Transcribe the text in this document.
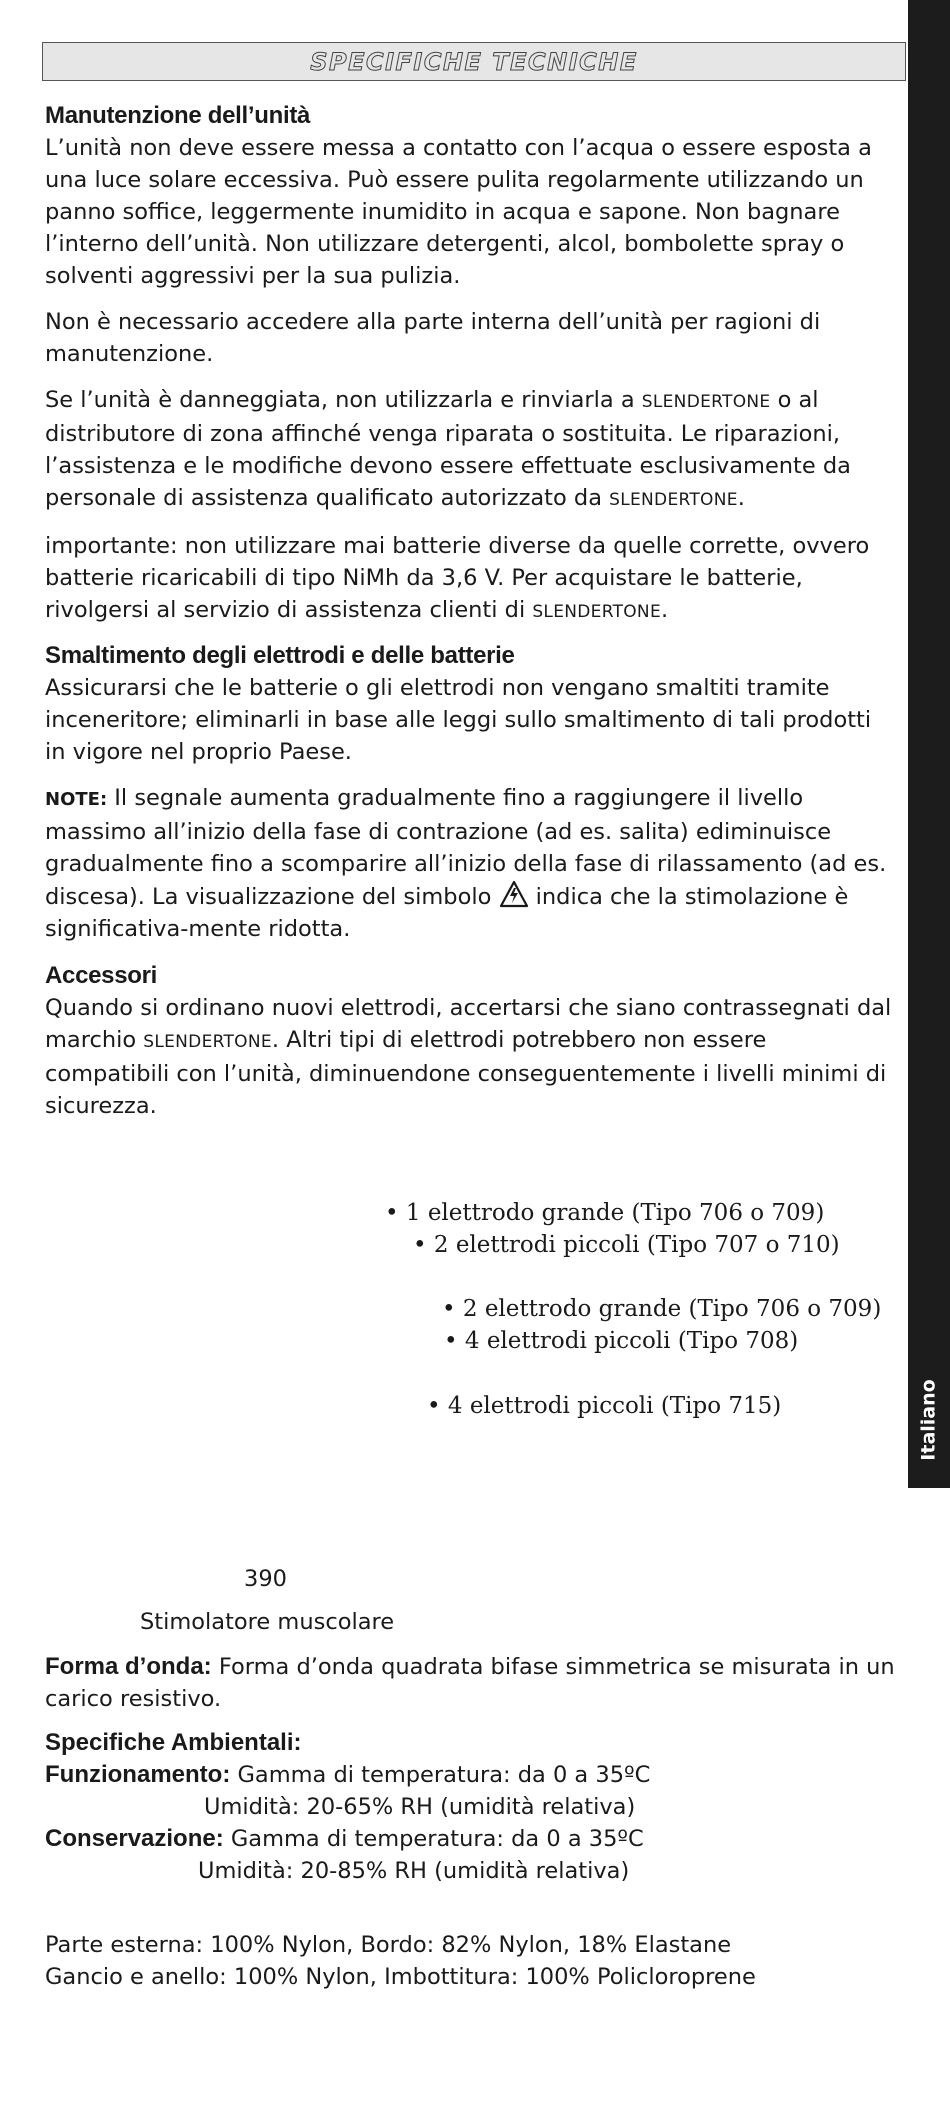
Italiano
SPECIFICHE TECNICHE

Manutenzione dell’unità

L’unità non deve essere messa a contatto con l’acqua o essere esposta a una luce solare eccessiva. Può essere pulita regolarmente utilizzando un panno soffice, leggermente inumidito in acqua e sapone. Non bagnare l’interno dell’unità. Non utilizzare detergenti, alcol, bombolette spray o solventi aggressivi per la sua pulizia.

Non è necessario accedere alla parte interna dell’unità per ragioni di manutenzione.

Se l’unità è danneggiata, non utilizzarla e rinviarla a SLENDERTONE o al distributore di zona affinché venga riparata o sostituita. Le riparazioni, l’assistenza e le modifiche devono essere effettuate esclusivamente da personale di assistenza qualificato autorizzato da SLENDERTONE.

importante: non utilizzare mai batterie diverse da quelle corrette, ovvero batterie ricaricabili di tipo NiMh da 3,6 V. Per acquistare le batterie, rivolgersi al servizio di assistenza clienti di SLENDERTONE.

Smaltimento degli elettrodi e delle batterie

Assicurarsi che le batterie o gli elettrodi non vengano smaltiti tramite inceneritore; eliminarli in base alle leggi sullo smaltimento di tali prodotti in vigore nel proprio Paese.

NOTE: Il segnale aumenta gradualmente fino a raggiungere il livello massimo all’inizio della fase di contrazione (ad es. salita) ediminuisce gradualmente fino a scomparire all’inizio della fase di rilassamento (ad es. discesa). La visualizzazione del simbolo  indica che la stimolazione è significativa-mente ridotta.

Accessori

Quando si ordinano nuovi elettrodi, accertarsi che siano contrassegnati dal marchio SLENDERTONE. Altri tipi di elettrodi potrebbero non essere compatibili con l’unità, diminuendone conseguentemente i livelli minimi di sicurezza.

• 1 elettrodo grande (Tipo 706 o 709)
• 2 elettrodi piccoli (Tipo 707 o 710)
• 2 elettrodo grande (Tipo 706 o 709)
• 4 elettrodi piccoli (Tipo 708)
• 4 elettrodi piccoli (Tipo 715)
390
Stimolatore muscolare

Forma d’onda: Forma d’onda quadrata bifase simmetrica se misurata in un carico resistivo.

Specifiche Ambientali:
Funzionamento: Gamma di temperatura: da 0 a 35ºC
Umidità: 20-65% RH (umidità relativa)
Conservazione: Gamma di temperatura: da 0 a 35ºC
Umidità: 20-85% RH (umidità relativa)
Parte esterna: 100% Nylon, Bordo: 82% Nylon, 18% Elastane
Gancio e anello: 100% Nylon, Imbottitura: 100% Policloroprene
